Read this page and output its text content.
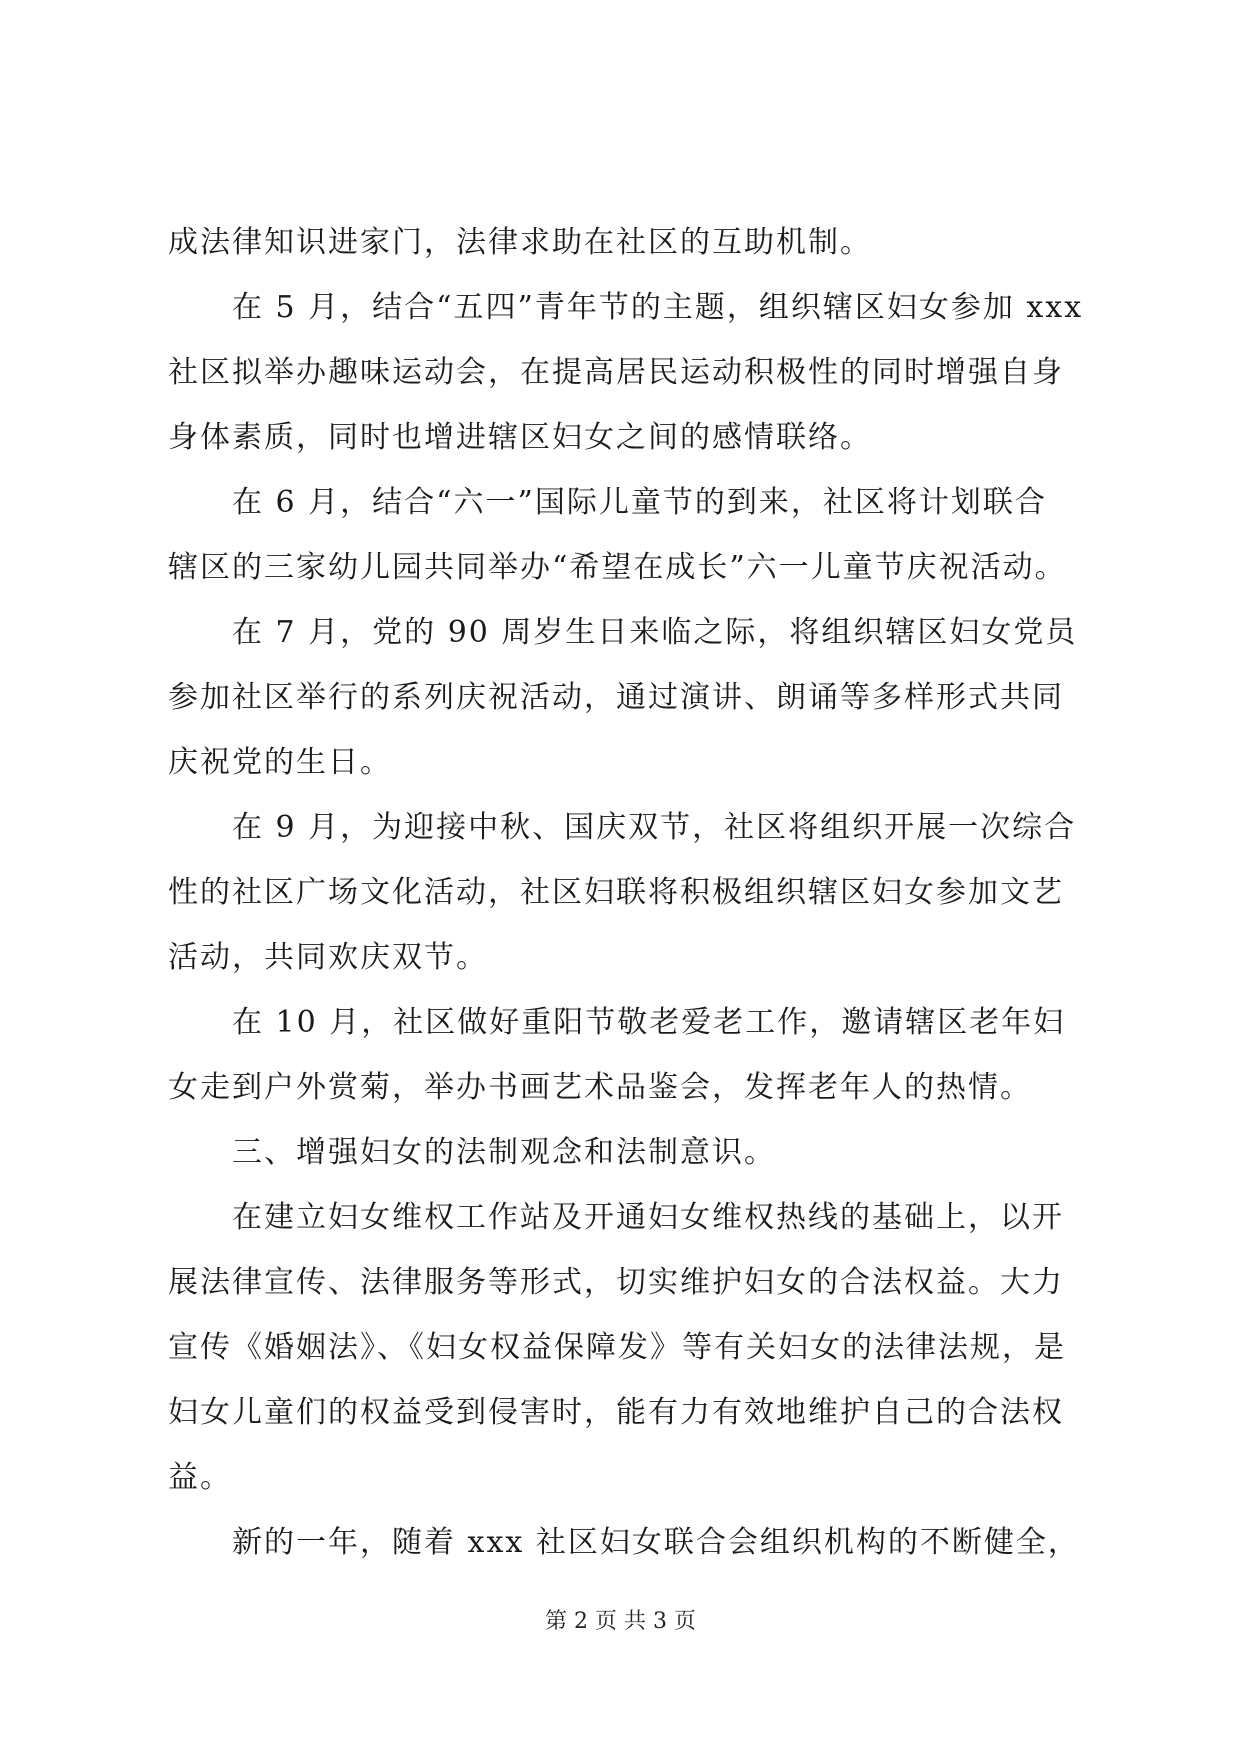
成法律知识进家门，法律求助在社区的互助机制。
在 5 月，结合“五四”青年节的主题，组织辖区妇女参加 xxx
社区拟举办趣味运动会，在提高居民运动积极性的同时增强自身
身体素质，同时也增进辖区妇女之间的感情联络。
在 6 月，结合“六一”国际儿童节的到来，社区将计划联合
辖区的三家幼儿园共同举办“希望在成长”六一儿童节庆祝活动。
在 7 月，党的 90 周岁生日来临之际，将组织辖区妇女党员
参加社区举行的系列庆祝活动，通过演讲、朗诵等多样形式共同
庆祝党的生日。
在 9 月，为迎接中秋、国庆双节，社区将组织开展一次综合
性的社区广场文化活动，社区妇联将积极组织辖区妇女参加文艺
活动，共同欢庆双节。
在 10 月，社区做好重阳节敬老爱老工作，邀请辖区老年妇
女走到户外赏菊，举办书画艺术品鉴会，发挥老年人的热情。
三、增强妇女的法制观念和法制意识。
在建立妇女维权工作站及开通妇女维权热线的基础上，以开
展法律宣传、法律服务等形式，切实维护妇女的合法权益。大力
宣传《婚姻法》、《妇女权益保障发》等有关妇女的法律法规，是
妇女儿童们的权益受到侵害时，能有力有效地维护自己的合法权
益。
新的一年，随着 xxx 社区妇女联合会组织机构的不断健全，
第 2 页 共 3 页
